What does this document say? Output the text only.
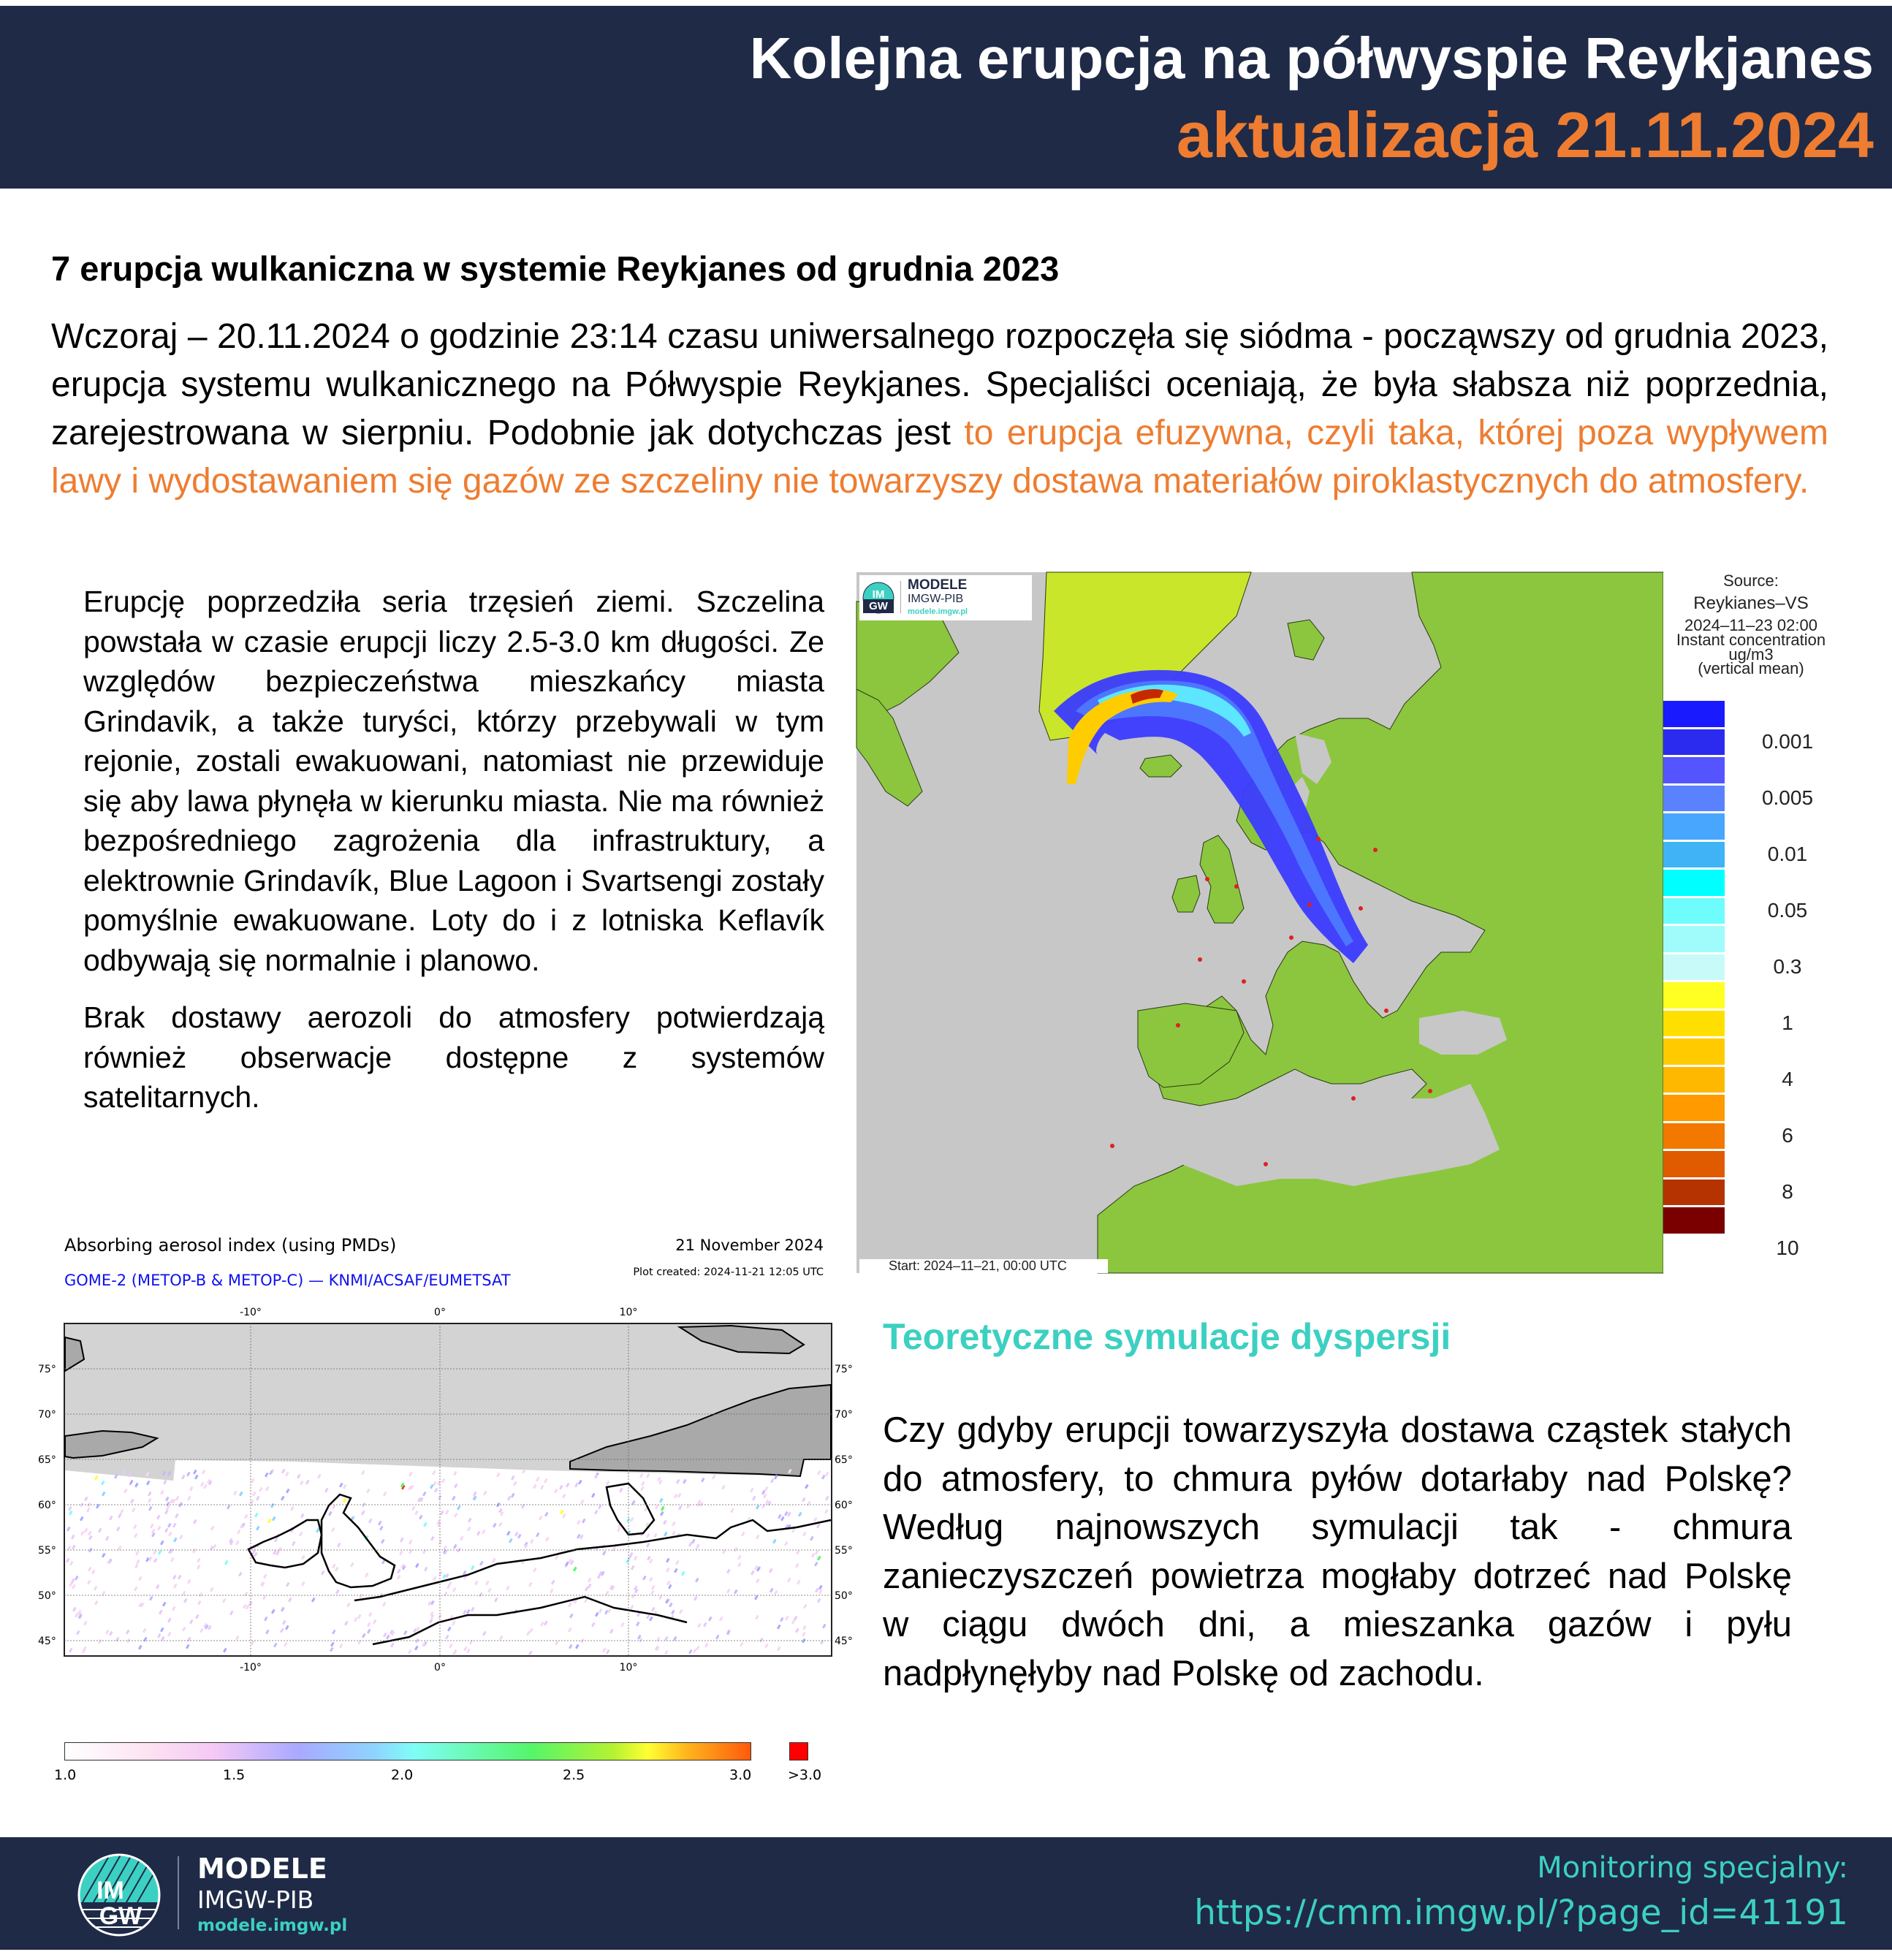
Kolejna erupcja na półwyspie Reykjanes
aktualizacja 21.11.2024
7 erupcja wulkaniczna w systemie Reykjanes od grudnia 2023
Wczoraj – 20.11.2024 o godzinie 23:14 czasu uniwersalnego rozpoczęła się siódma - począwszy od grudnia 2023, erupcja systemu wulkanicznego na Półwyspie Reykjanes. Specjaliści oceniają, że była słabsza niż poprzednia, zarejestrowana w sierpniu. Podobnie jak dotychczas jest to erupcja efuzywna, czyli taka, której poza wypływem lawy i wydostawaniem się gazów ze szczeliny nie towarzyszy dostawa materiałów piroklastycznych do atmosfery.

Erupcję poprzedziła seria trzęsień ziemi. Szczelina powstała w czasie erupcji liczy 2.5-3.0 km długości. Ze względów bezpieczeństwa mieszkańcy miasta Grindavik, a także turyści, którzy przebywali w tym rejonie, zostali ewakuowani, natomiast nie przewiduje się aby lawa płynęła w kierunku miasta. Nie ma również bezpośredniego zagrożenia dla infrastruktury, a elektrownie Grindavík, Blue Lagoon i Svartsengi zostały pomyślnie ewakuowane. Loty do i z lotniska Keflavík odbywają się normalnie i planowo.

Brak dostawy aerozoli do atmosfery potwierdzają również obserwacje dostępne z systemów satelitarnych.

IM
GW
MODELE
IMGW-PIB
modele.imgw.pl
Start: 2024–11–21, 00:00 UTC
Source:
Reykianes–VS
2024–11–23 02:00
Instant concentration
ug/m3
(vertical mean)
0.001
0.005
0.01
0.05
0.3
1
4
6
8
10
Absorbing aerosol index (using PMDs)	21 November 2024
GOME-2 (METOP-B & METOP-C) — KNMI/ACSAF/EUMETSAT	Plot created: 2024-11-21 12:05 UTC
-10°
-10°
0°
0°
10°
10°
75°	75°
70°	70°
65°	65°
60°	60°
55°	55°
50°	50°
45°	45°
1.0	1.5	2.0	2.5	3.0	>3.0
Teoretyczne symulacje dyspersji
Czy gdyby erupcji towarzyszyła dostawa cząstek stałych do atmosfery, to chmura pyłów dotarłaby nad Polskę? Według najnowszych symulacji tak - chmura zanieczyszczeń powietrza mogłaby dotrzeć nad Polskę w ciągu dwóch dni, a mieszanka gazów i pyłu nadpłynęłyby nad Polskę od zachodu.
IM
GW
MODELE
IMGW-PIB
modele.imgw.pl
Monitoring specjalny:
https://cmm.imgw.pl/?page_id=41191
